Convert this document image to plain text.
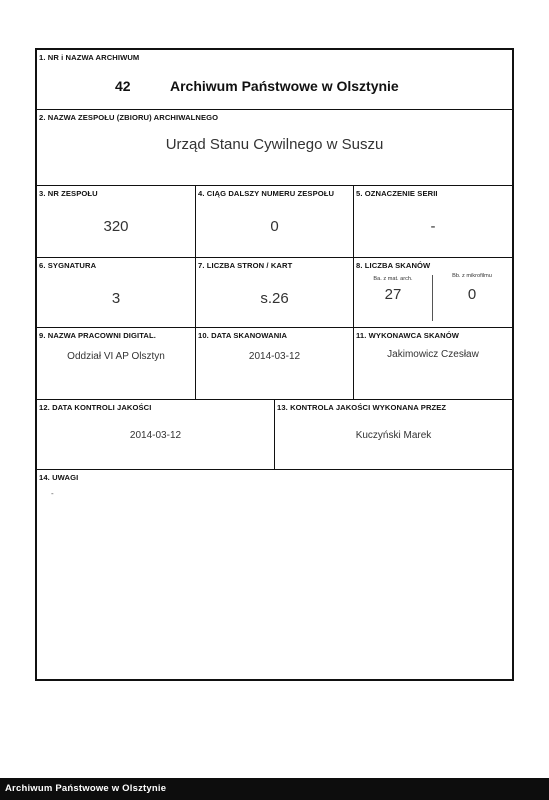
1. NR i NAZWA ARCHIWUM
42	Archiwum Państwowe w Olsztynie
2. NAZWA ZESPOŁU (ZBIORU) ARCHIWALNEGO
Urząd Stanu Cywilnego w Suszu
3. NR ZESPOŁU
320
4. CIĄG DALSZY NUMERU ZESPOŁU
0
5. OZNACZENIE SERII
-
6. SYGNATURA
3
7. LICZBA STRON / KART
s.26
8. LICZBA SKANÓW
Ba. z mat. arch.
27
Bb. z mikrofilmu
0
9. NAZWA PRACOWNI DIGITAL.
Oddział VI AP Olsztyn
10. DATA SKANOWANIA
2014-03-12
11. WYKONAWCA SKANÓW
Jakimowicz Czesław
12. DATA KONTROLI JAKOŚCI
2014-03-12
13. KONTROLA JAKOŚCI WYKONANA PRZEZ
Kuczyński Marek
14. UWAGI
-
Archiwum Państwowe w Olsztynie
